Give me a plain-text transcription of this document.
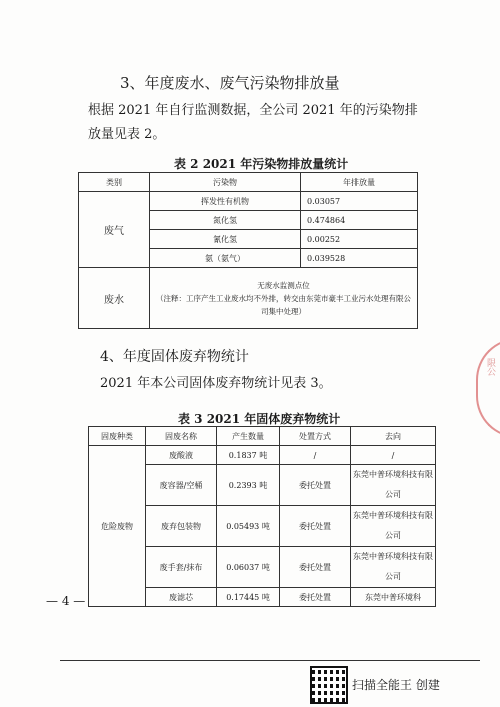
3、年度废水、废气污染物排放量
根据 2021 年自行监测数据，全公司 2021 年的污染物排放量见表 2。
表 2 2021 年污染物排放量统计
类别	污染物	年排放量
废气	挥发性有机物	0.03057
	氮化氢	0.474864
	氰化氢	0.00252
	氨（氨气）	0.039528
废水	无废水监测点位
（注释：工序产生工业废水均不外排，转交由东莞市豪丰工业污水处理有限公司集中处理）	
4、年度固体废弃物统计
2021 年本公司固体废弃物统计见表 3。
表 3 2021 年固体废弃物统计
固废种类	固废名称	产生数量	处置方式	去向
危险废物	废酸液	0.1837 吨	/	/
	废容器/空桶	0.2393 吨	委托处置	东莞中普环境科技有限公司
	废弃包装物	0.05493 吨	委托处置	东莞中普环境科技有限公司
	废手套/抹布	0.06037 吨	委托处置	东莞中普环境科技有限公司
	废滤芯	0.17445 吨	委托处置	东莞中普环境科
限公
— 4 —
扫描全能王 创建
